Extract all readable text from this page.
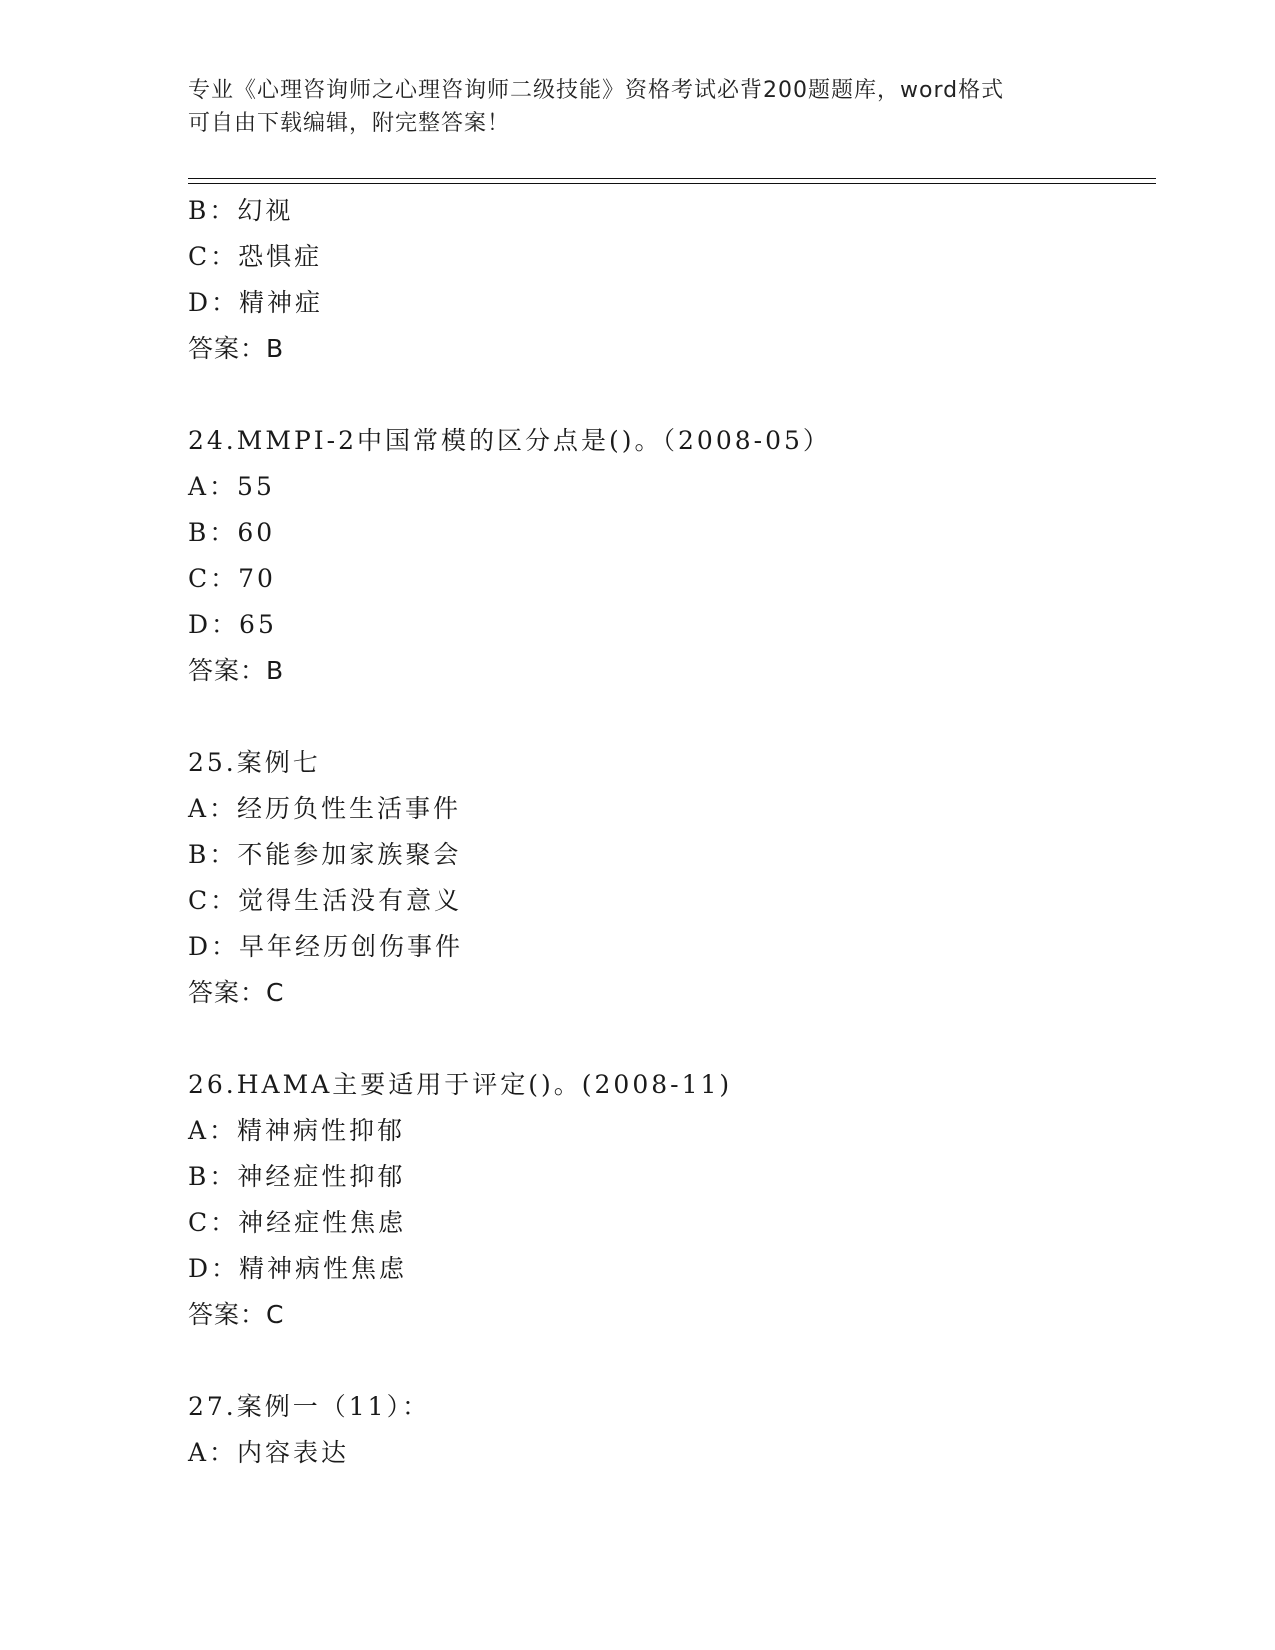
专业《心理咨询师之心理咨询师二级技能》资格考试必背200题题库，word格式

可自由下载编辑，附完整答案！

B：幻视
C：恐惧症
D：精神症
答案：B
24.MMPI-2中国常模的区分点是()。（2008-05）
A：55
B：60
C：70
D：65
答案：B
25.案例七
A：经历负性生活事件
B：不能参加家族聚会
C：觉得生活没有意义
D：早年经历创伤事件
答案：C
26.HAMA主要适用于评定()。(2008-11)
A：精神病性抑郁
B：神经症性抑郁
C：神经症性焦虑
D：精神病性焦虑
答案：C
27.案例一（11）：
A：内容表达
